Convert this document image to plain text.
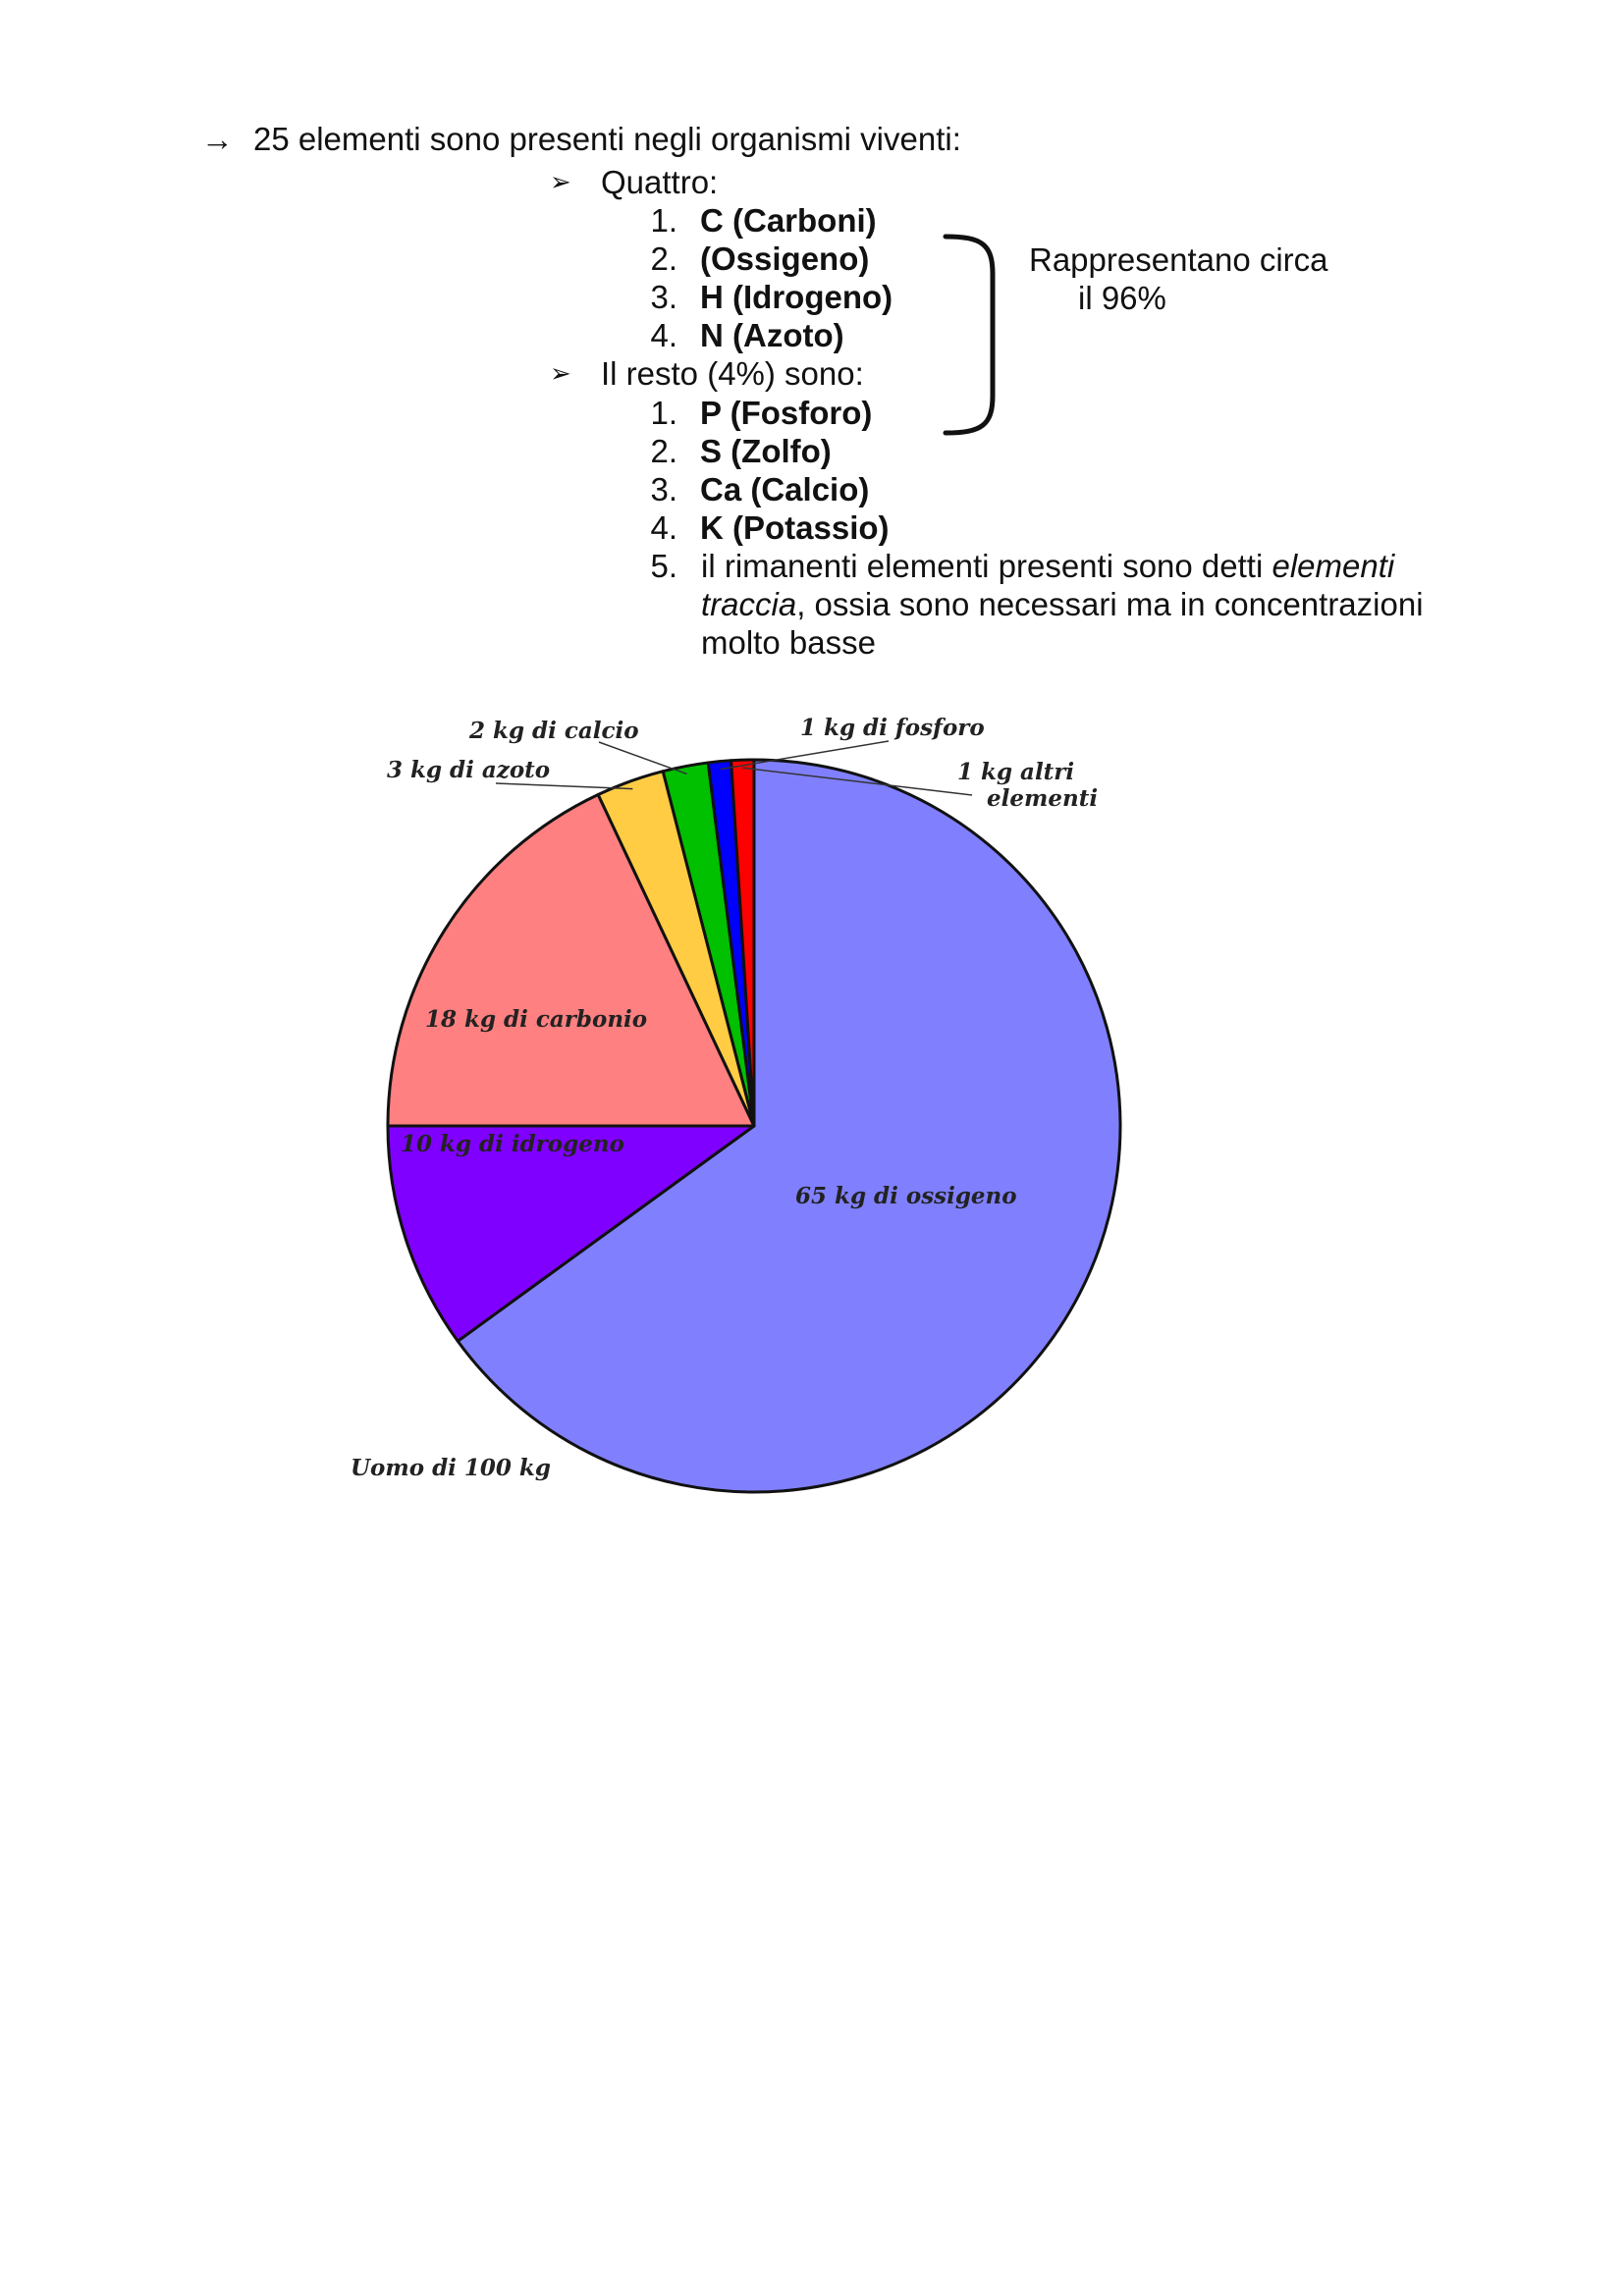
→ 25 elementi sono presenti negli organismi viventi:
➢ Quattro:
1. C (Carboni)
2. (Ossigeno)
3. H (Idrogeno)
4. N (Azoto)
➢ Il resto (4%) sono:
1. P (Fosforo)
2. S (Zolfo)
3. Ca (Calcio)
4. K (Potassio)
5. il rimanenti elementi presenti sono detti elementi traccia, ossia sono necessari ma in concentrazioni molto basse
Rappresentano circa
il 96%
65 kg di ossigeno
10 kg di idrogeno
18 kg di carbonio
3 kg di azoto
2 kg di calcio	1 kg di fosforo
1 kg altri
elementi
Uomo di 100 kg
